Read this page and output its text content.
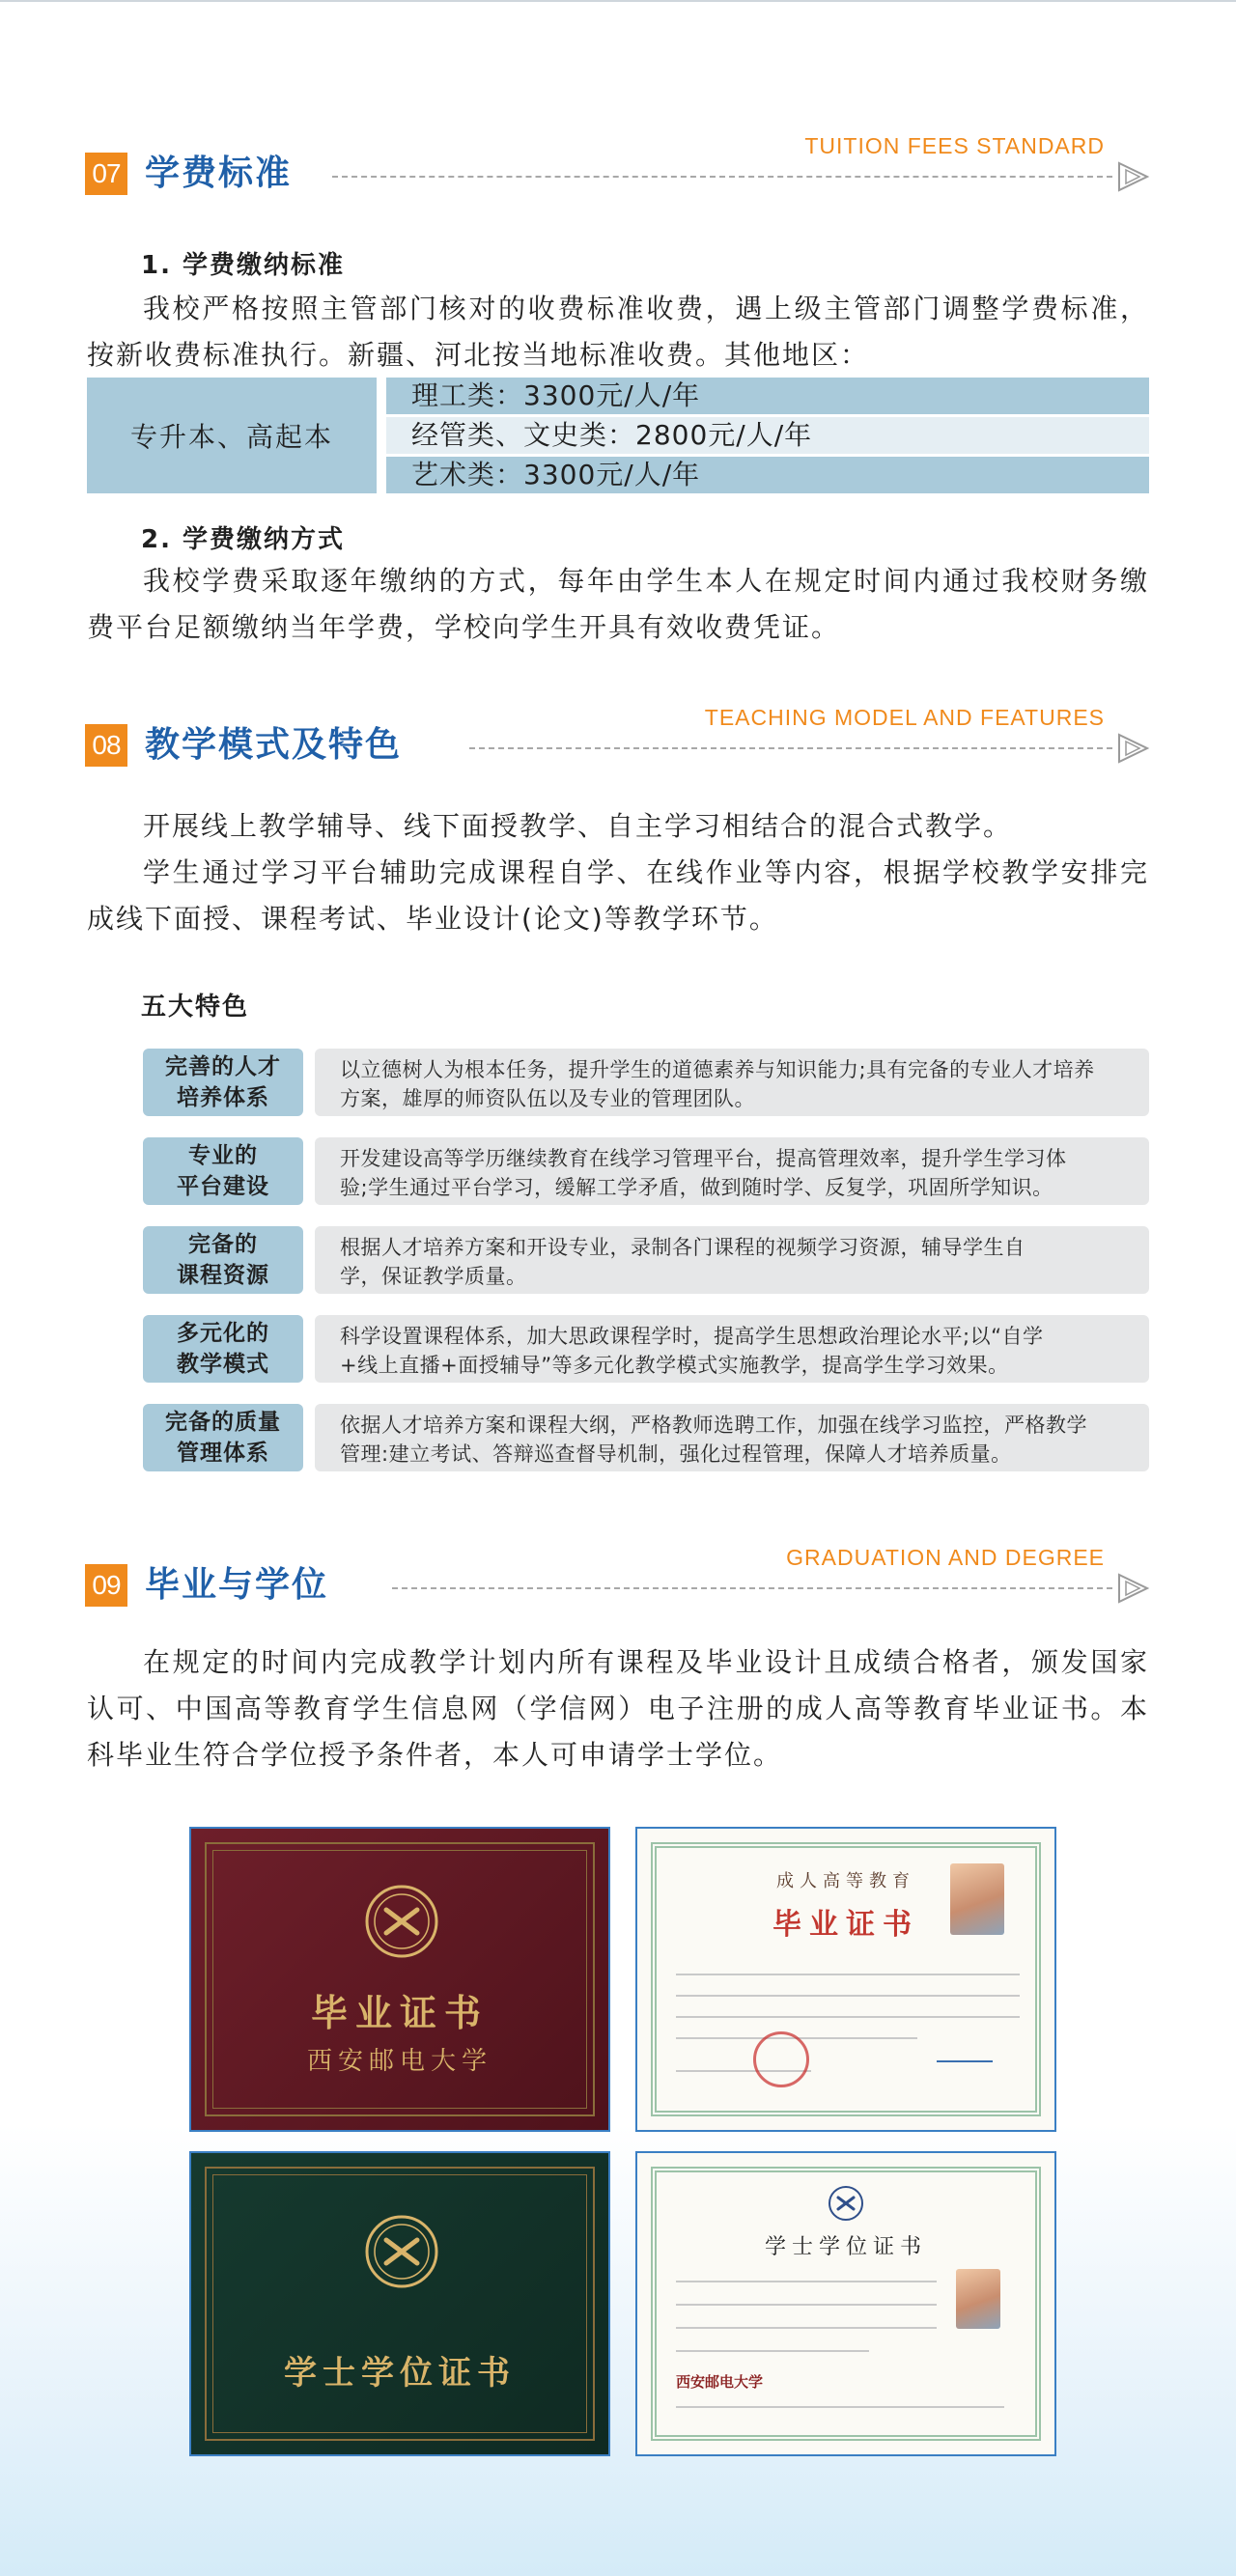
07 学费标准
TUITION FEES STANDARD
1. 学费缴纳标准

我校严格按照主管部门核对的收费标准收费，遇上级主管部门调整学费标准，按新收费标准执行。新疆、河北按当地标准收费。其他地区：

专升本、高起本
理工类：3300元/人/年
经管类、文史类：2800元/人/年
艺术类：3300元/人/年
2. 学费缴纳方式

我校学费采取逐年缴纳的方式，每年由学生本人在规定时间内通过我校财务缴费平台足额缴纳当年学费，学校向学生开具有效收费凭证。

08 教学模式及特色
TEACHING MODEL AND FEATURES

开展线上教学辅导、线下面授教学、自主学习相结合的混合式教学。

学生通过学习平台辅助完成课程自学、在线作业等内容，根据学校教学安排完成线下面授、课程考试、毕业设计(论文)等教学环节。

五大特色
完善的人才
培养体系
以立德树人为根本任务，提升学生的道德素养与知识能力;具有完备的专业人才培养
方案，雄厚的师资队伍以及专业的管理团队。
专业的
平台建设
开发建设高等学历继续教育在线学习管理平台，提高管理效率，提升学生学习体
验;学生通过平台学习，缓解工学矛盾，做到随时学、反复学，巩固所学知识。
完备的
课程资源
根据人才培养方案和开设专业，录制各门课程的视频学习资源，辅导学生自
学，保证教学质量。
多元化的
教学模式
科学设置课程体系，加大思政课程学时，提高学生思想政治理论水平;以“自学
+线上直播+面授辅导”等多元化教学模式实施教学，提高学生学习效果。
完备的质量
管理体系
依据人才培养方案和课程大纲，严格教师选聘工作，加强在线学习监控，严格教学
管理:建立考试、答辩巡查督导机制，强化过程管理，保障人才培养质量。
09 毕业与学位
GRADUATION AND DEGREE

在规定的时间内完成教学计划内所有课程及毕业设计且成绩合格者，颁发国家认可、中国高等教育学生信息网（学信网）电子注册的成人高等教育毕业证书。本科毕业生符合学位授予条件者，本人可申请学士学位。

毕业证书
西安邮电大学
成人高等教育
毕业证书
学士学位证书
学士学位证书
西安邮电大学
